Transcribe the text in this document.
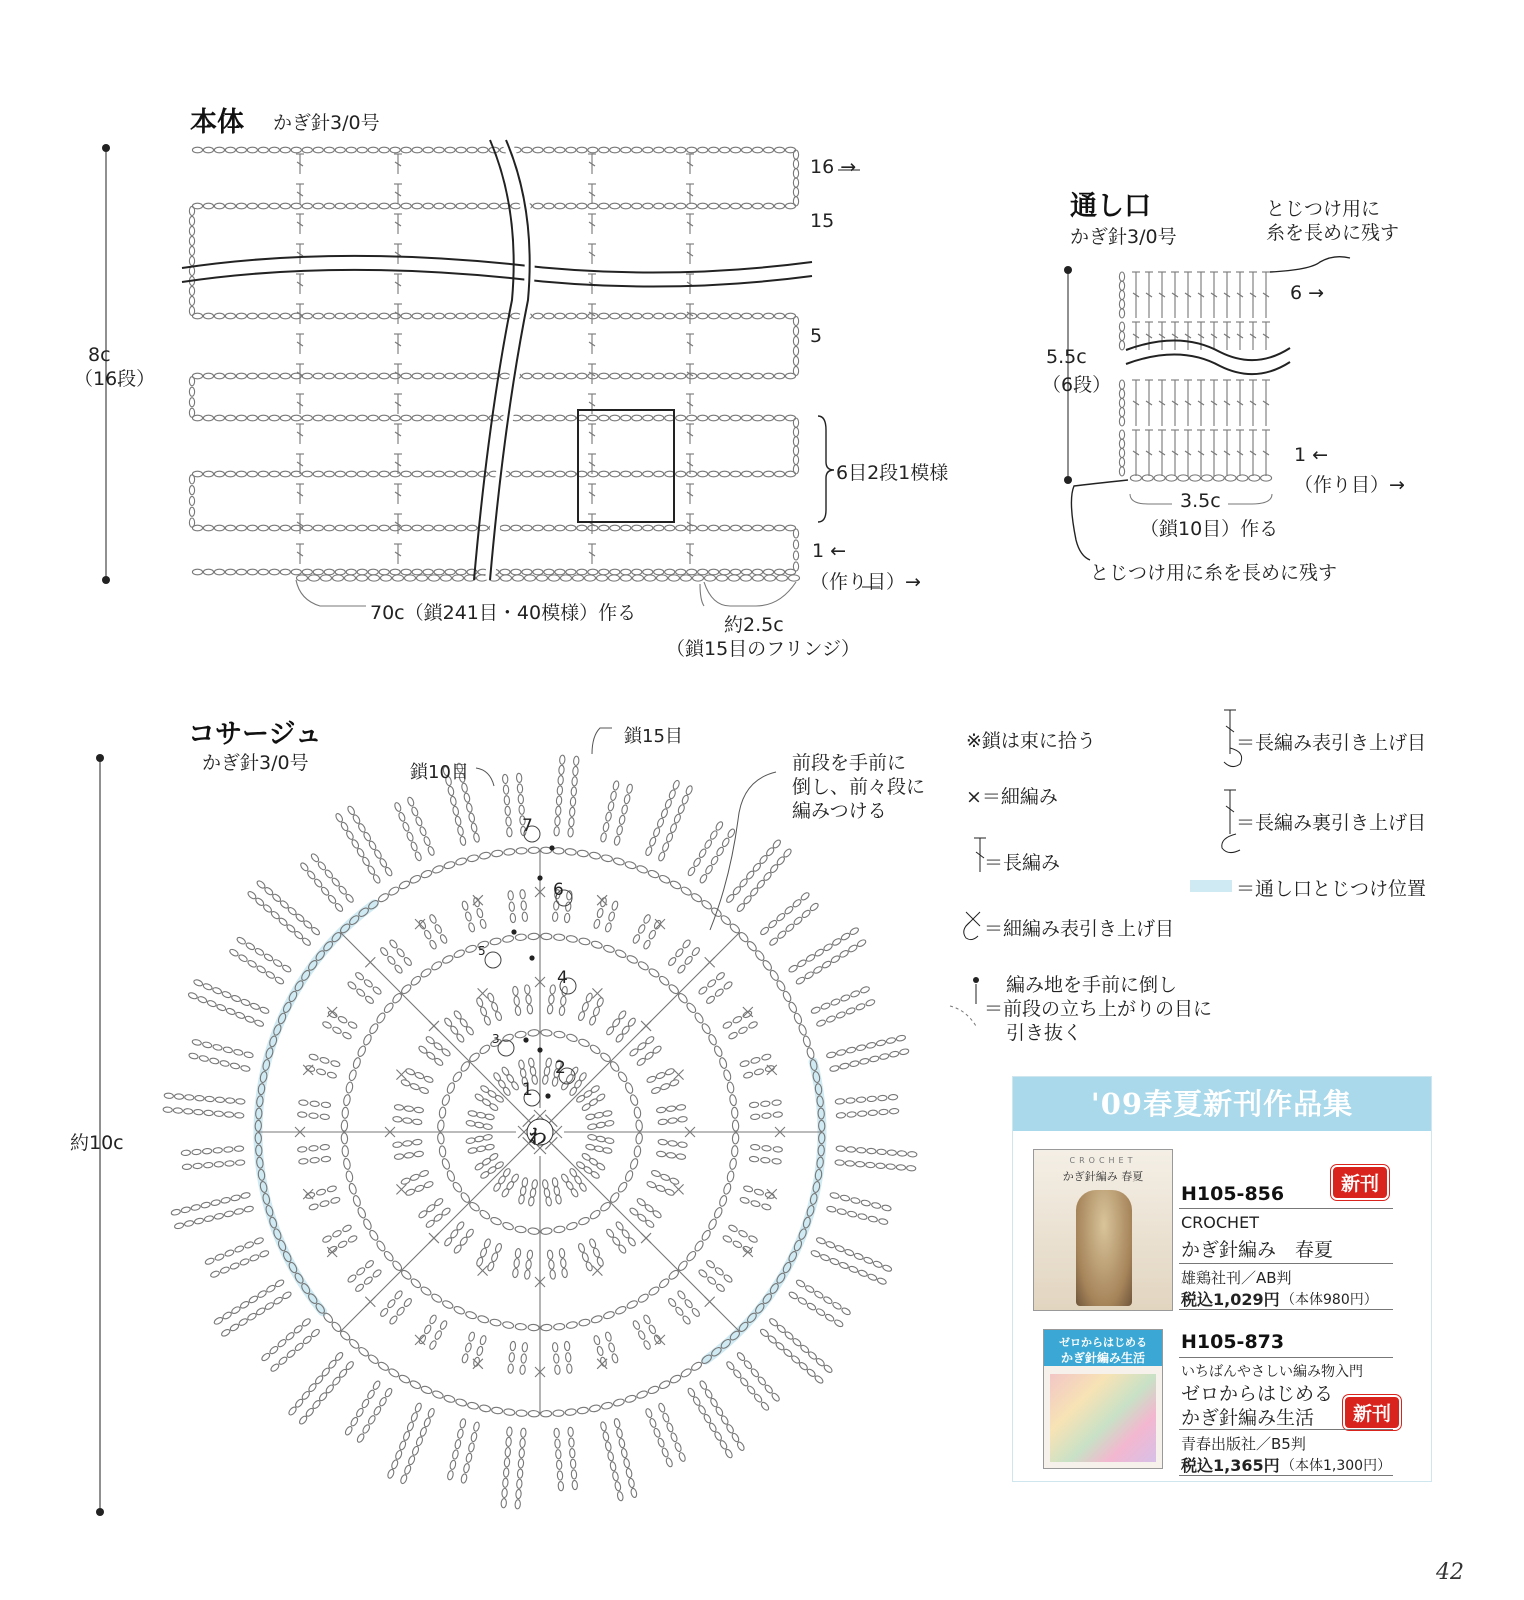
本体 かぎ針3/0号
8c
（16段）
16 →
15
5
6目2段1模様
1 ←
（作り目）→
70c（鎖241目・40模様）作る
約2.5c
（鎖15目のフリンジ）
通し口
かぎ針3/0号
とじつけ用に
糸を長めに残す
6 →
5.5c
（6段）
1 ←
（作り目）→
3.5c
（鎖10目）作る
とじつけ用に糸を長めに残す
コサージュ
かぎ針3/0号
約10c
鎖15目
鎖10目	前段を手前に
倒し、前々段に
編みつける
わ
7
6
5
4
3
2
1
※鎖は束に拾う
×＝細編み
＝長編み
＝細編み表引き上げ目
編み地を手前に倒し
＝前段の立ち上がりの目に
引き抜く
＝長編み表引き上げ目
＝長編み裏引き上げ目
＝通し口とじつけ位置
'09春夏新刊作品集
CROCHET
かぎ針編み 春夏	新刊
H105-856
CROCHET
かぎ針編み　春夏
雄鶏社刊／AB判
税込1,029円 （本体980円）
ゼロからはじめる
かぎ針編み生活
H105-873
いちばんやさしい編み物入門
ゼロからはじめる
かぎ針編み生活	新刊
青春出版社／B5判
税込1,365円 （本体1,300円）
42
